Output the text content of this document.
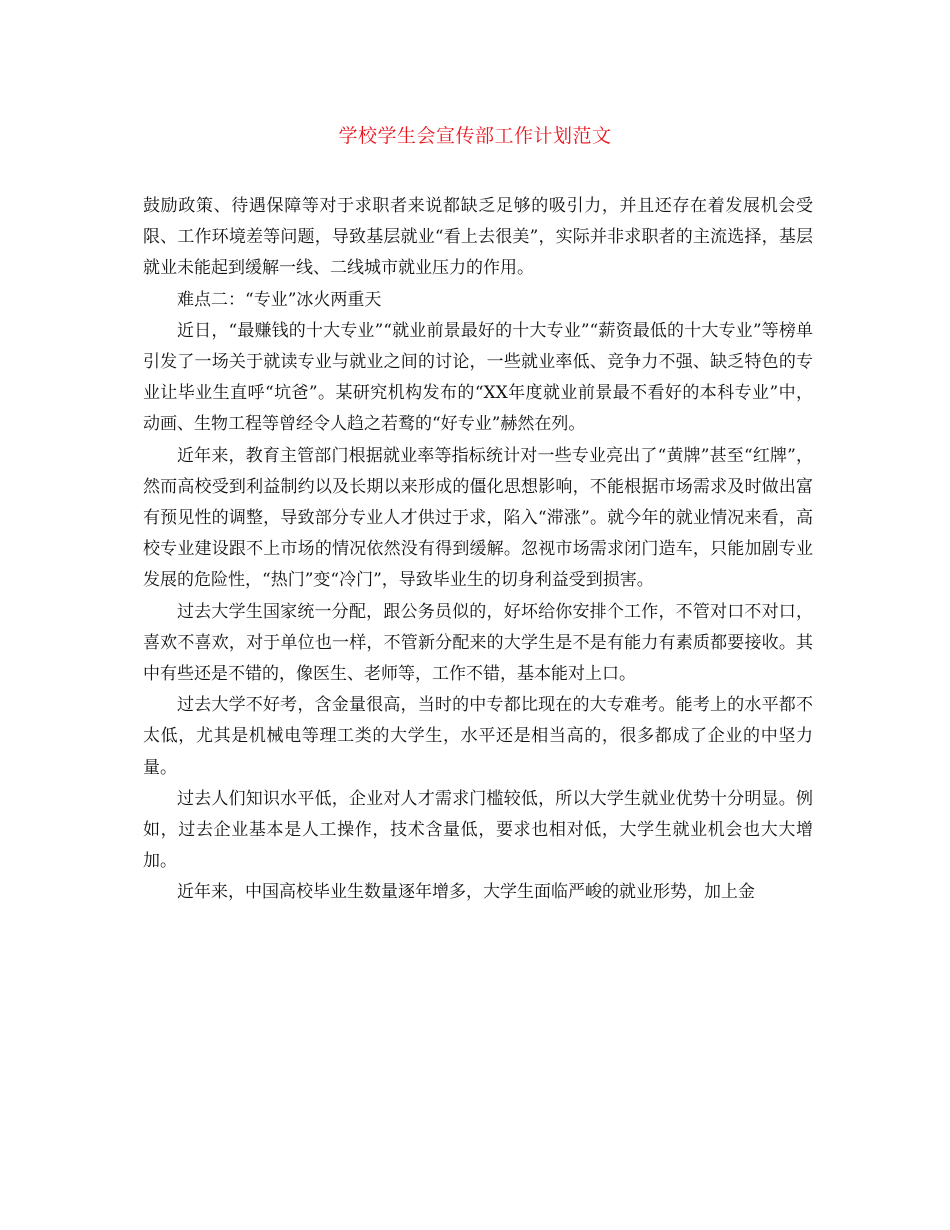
学校学生会宣传部工作计划范文

鼓励政策、待遇保障等对于求职者来说都缺乏足够的吸引力，并且还存在着发展机会受限、工作环境差等问题，导致基层就业“看上去很美”，实际并非求职者的主流选择，基层就业未能起到缓解一线、二线城市就业压力的作用。

难点二：“专业”冰火两重天

近日，“最赚钱的十大专业”“就业前景最好的十大专业”“薪资最低的十大专业”等榜单引发了一场关于就读专业与就业之间的讨论，一些就业率低、竞争力不强、缺乏特色的专业让毕业生直呼“坑爸”。某研究机构发布的“XX年度就业前景最不看好的本科专业”中，动画、生物工程等曾经令人趋之若鹜的“好专业”赫然在列。

近年来，教育主管部门根据就业率等指标统计对一些专业亮出了“黄牌”甚至“红牌”，然而高校受到利益制约以及长期以来形成的僵化思想影响，不能根据市场需求及时做出富有预见性的调整，导致部分专业人才供过于求，陷入“滞涨”。就今年的就业情况来看，高校专业建设跟不上市场的情况依然没有得到缓解。忽视市场需求闭门造车，只能加剧专业发展的危险性，“热门”变“冷门”，导致毕业生的切身利益受到损害。

过去大学生国家统一分配，跟公务员似的，好坏给你安排个工作，不管对口不对口，喜欢不喜欢，对于单位也一样，不管新分配来的大学生是不是有能力有素质都要接收。其中有些还是不错的，像医生、老师等，工作不错，基本能对上口。

过去大学不好考，含金量很高，当时的中专都比现在的大专难考。能考上的水平都不太低，尤其是机械电等理工类的大学生，水平还是相当高的，很多都成了企业的中坚力量。

过去人们知识水平低，企业对人才需求门槛较低，所以大学生就业优势十分明显。例如，过去企业基本是人工操作，技术含量低，要求也相对低，大学生就业机会也大大增加。

近年来，中国高校毕业生数量逐年增多，大学生面临严峻的就业形势，加上金
